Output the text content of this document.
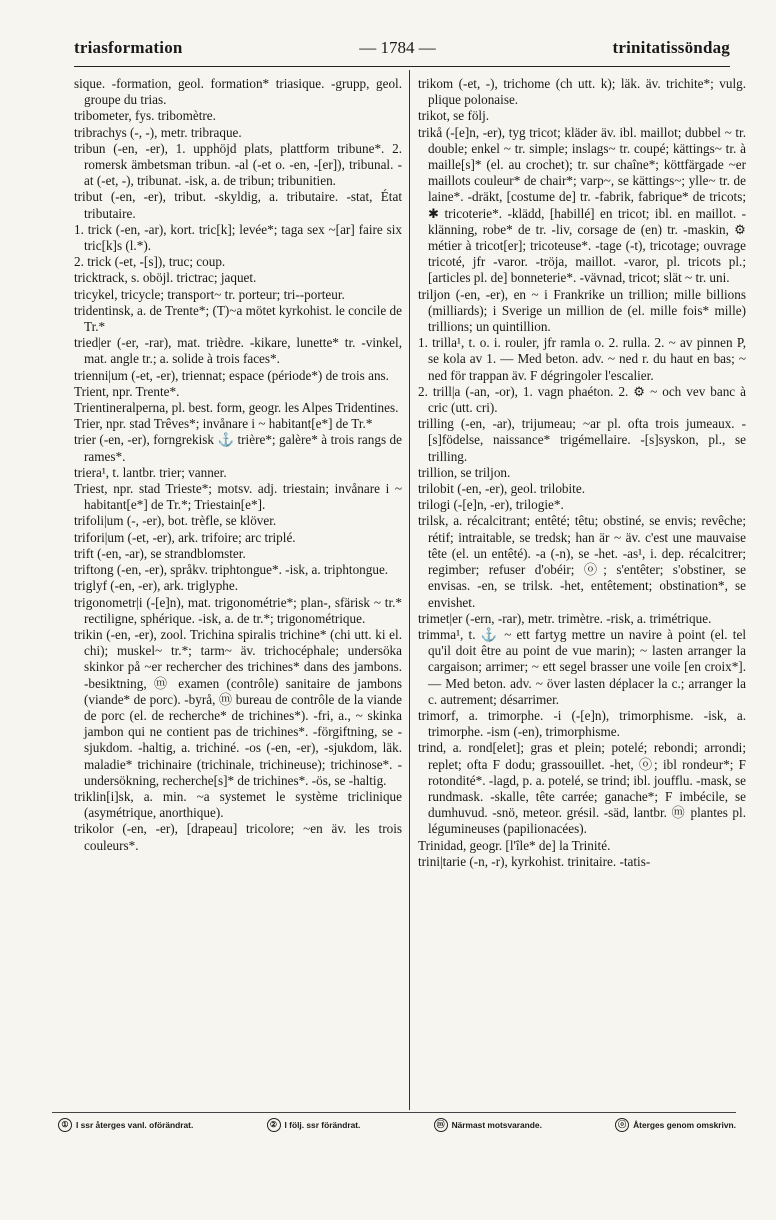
triasformation	— 1784 —	trinitatissöndag

sique. -formation, geol. formation* triasique. -grupp, geol. groupe du trias.

tribometer, fys. tribomètre.

tribrachys (-, -), metr. tribraque.

tribun (-en, -er), 1. upphöjd plats, plattform tribune*. 2. romersk ämbetsman tribun. -al (-et o. -en, -[er]), tribunal. -at (-et, -), tribunat. -isk, a. de tribun; tribunitien.

tribut (-en, -er), tribut. -skyldig, a. tributaire. -stat, État tributaire.

1. trick (-en, -ar), kort. tric[k]; levée*; taga sex ~[ar] faire six tric[k]s (l.*).

2. trick (-et, -[s]), truc; coup.

tricktrack, s. oböjl. trictrac; jaquet.

tricykel, tricycle; transport~ tr. porteur; tri--porteur.

tridentinsk, a. de Trente*; (T)~a mötet kyrkohist. le concile de Tr.*

tried|er (-er, -rar), mat. trièdre. -kikare, lunette* tr. -vinkel, mat. angle tr.; a. solide à trois faces*.

trienni|um (-et, -er), triennat; espace (période*) de trois ans.

Trient, npr. Trente*.

Trientineralperna, pl. best. form, geogr. les Alpes Tridentines.

Trier, npr. stad Trêves*; invånare i ~ habitant[e*] de Tr.*

trier (-en, -er), forngrekisk ⚓ trière*; galère* à trois rangs de rames*.

triera¹, t. lantbr. trier; vanner.

Triest, npr. stad Trieste*; motsv. adj. triestain; invånare i ~ habitant[e*] de Tr.*; Triestain[e*].

trifoli|um (-, -er), bot. trèfle, se klöver.

trifori|um (-et, -er), ark. trifoire; arc triplé.

trift (-en, -ar), se strandblomster.

triftong (-en, -er), språkv. triphtongue*. -isk, a. triphtongue.

triglyf (-en, -er), ark. triglyphe.

trigonometr|i (-[e]n), mat. trigonométrie*; plan-, sfärisk ~ tr.* rectiligne, sphérique. -isk, a. de tr.*; trigonométrique.

trikin (-en, -er), zool. Trichina spiralis trichine* (chi utt. ki el. chi); muskel~ tr.*; tarm~ äv. trichocéphale; undersöka skinkor på ~er rechercher des trichines* dans des jambons. -besiktning, ⓜ examen (contrôle) sanitaire de jambons (viande* de porc). -byrå, ⓜ bureau de contrôle de la viande de porc (el. de recherche* de trichines*). -fri, a., ~ skinka jambon qui ne contient pas de trichines*. -förgiftning, se -sjukdom. -haltig, a. trichiné. -os (-en, -er), -sjukdom, läk. maladie* trichinaire (trichinale, trichineuse); trichinose*. -undersökning, recherche[s]* de trichines*. -ös, se -haltig.

triklin[i]sk, a. min. ~a systemet le système triclinique (asymétrique, anorthique).

trikolor (-en, -er), [drapeau] tricolore; ~en äv. les trois couleurs*.

trikom (-et, -), trichome (ch utt. k); läk. äv. trichite*; vulg. plique polonaise.

trikot, se följ.

trikå (-[e]n, -er), tyg tricot; kläder äv. ibl. maillot; dubbel ~ tr. double; enkel ~ tr. simple; inslags~ tr. coupé; kättings~ tr. à maille[s]* (el. au crochet); tr. sur chaîne*; köttfärgade ~er maillots couleur* de chair*; varp~, se kättings~; ylle~ tr. de laine*. -dräkt, [costume de] tr. -fabrik, fabrique* de tricots; ✱ tricoterie*. -klädd, [habillé] en tricot; ibl. en maillot. -klänning, robe* de tr. -liv, corsage de (en) tr. -maskin, ⚙ métier à tricot[er]; tricoteuse*. -tage (-t), tricotage; ouvrage tricoté, jfr -varor. -tröja, maillot. -varor, pl. tricots pl.; [articles pl. de] bonneterie*. -vävnad, tricot; slät ~ tr. uni.

triljon (-en, -er), en ~ i Frankrike un trillion; mille billions (milliards); i Sverige un million de (el. mille fois* mille) trillions; un quintillion.

1. trilla¹, t. o. i. rouler, jfr ramla o. 2. rulla. 2. ~ av pinnen P, se kola av 1. — Med beton. adv. ~ ned r. du haut en bas; ~ ned för trappan äv. F dégringoler l'escalier.

2. trill|a (-an, -or), 1. vagn phaéton. 2. ⚙ ~ och vev banc à cric (utt. cri).

trilling (-en, -ar), trijumeau; ~ar pl. ofta trois jumeaux. -[s]födelse, naissance* trigémellaire. -[s]syskon, pl., se trilling.

trillion, se triljon.

trilobit (-en, -er), geol. trilobite.

trilogi (-[e]n, -er), trilogie*.

trilsk, a. récalcitrant; entêté; têtu; obstiné, se envis; revêche; rétif; intraitable, se tredsk; han är ~ äv. c'est une mauvaise tête (el. un entêté). -a (-n), se -het. -as¹, i. dep. récalcitrer; regimber; refuser d'obéir; ⓞ; s'entêter; s'obstiner, se envisas. -en, se trilsk. -het, entêtement; obstination*, se envishet.

trimet|er (-ern, -rar), metr. trimètre. -risk, a. trimétrique.

trimma¹, t. ⚓ ~ ett fartyg mettre un navire à point (el. tel qu'il doit être au point de vue marin); ~ lasten arranger la cargaison; arrimer; ~ ett segel brasser une voile [en croix*]. — Med beton. adv. ~ över lasten déplacer la c.; arranger la c. autrement; désarrimer.

trimorf, a. trimorphe. -i (-[e]n), trimorphisme. -isk, a. trimorphe. -ism (-en), trimorphisme.

trind, a. rond[elet]; gras et plein; potelé; rebondi; arrondi; replet; ofta F dodu; grassouillet. -het, ⓞ; ibl rondeur*; F rotondité*. -lagd, p. a. potelé, se trind; ibl. joufflu. -mask, se rundmask. -skalle, tête carrée; ganache*; F imbécile, se dumhuvud. -snö, meteor. grésil. -säd, lantbr. ⓜ plantes pl. légumineuses (papilionacées).

Trinidad, geogr. [l'île* de] la Trinité.

trini|tarie (-n, -r), kyrkohist. trinitaire. -tatis-

① I ssr återges vanl. oförändrat.	② I följ. ssr förändrat.	ⓜ Närmast motsvarande.	ⓞ Återges genom omskrivn.
